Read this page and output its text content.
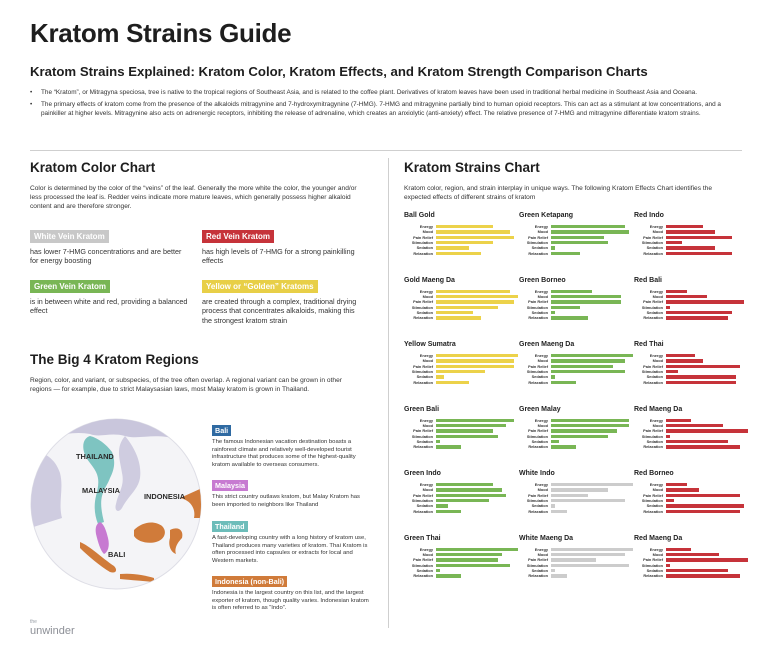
Kratom Strains Guide
Kratom Strains Explained: Kratom Color, Kratom Effects, and Kratom Strength Comparison Charts
• The “Kratom”, or Mitragyna speciosa, tree is native to the tropical regions of Southeast Asia, and is related to the coffee plant. Derivatives of kratom leaves have been used in traditional herbal medicine in Southeast Asia and Oceana.
• The primary effects of kratom come from the presence of the alkaloids mitragynine and 7-hydroxymitragynine (7-HMG). 7-HMG and mitragynine partially bind to human opioid receptors. This can act as a stimulant at low concentrations, and a painkiller at higher levels. Mitragynine also acts on adrenergic receptors, inhibiting the release of adrenaline, which creates an anxiolytic (anti-anxiety) effect. The relative presence of 7-HMG and mitragynine differentiate kratom strains.
Kratom Color Chart
Color is determined by the color of the “veins” of the leaf. Generally the more white the color, the younger and/or less processed the leaf is. Redder veins indicate more mature leaves, which generally possess higher alkaloid content and are therefore stronger.
White Vein Kratom
has lower 7-HMG concentrations and are better for energy boosting
Red Vein Kratom
has high levels of 7-HMG for a strong painkilling effects
Green Vein Kratom
is in between white and red, providing a balanced effect
Yellow or “Golden” Kratoms
are created through a complex, traditional drying process that concentrates alkaloids, making this the strongest kratom strain
The Big 4 Kratom Regions
Region, color, and variant, or subspecies, of the tree often overlap. A regional variant can be grown in other regions — for example, due to strict Malaysasian laws, most Malay kratom is grown in Thailand.
THAILAND
MALAYSIA
INDONESIA
BALI
Bali
The famous Indonesian vacation destination boasts a rainforest climate and relatively well-developed tourist infrastructure that produces some of the highest-quality kratom available to overseas consumers.
Malaysia
This strict country outlaws kratom, but Malay Kratom has been imported to neighbors like Thailand
Thailand
A fast-developing country with a long history of kratom use, Thailand produces many varieties of kratom. Thai Kratom is often processed into capsules or extracts for local and Western markets.
Indonesia (non-Bali)
Indonesia is the largest country on this list, and the largest exporter of kratom, though quality varies. Indonesian kratom is often referred to as “Indo”.
the
unwinder
Kratom Strains Chart
Kratom color, region, and strain interplay in unique ways. The following Kratom Effects Chart identifies the expected effects of different strains of kratom
Ball Gold
Energy
Mood
Pain Relief
Stimulation
Sedation
Relaxation
Green Ketapang
Energy
Mood
Pain Relief
Stimulation
Sedation
Relaxation
Red Indo
Energy
Mood
Pain Relief
Stimulation
Sedation
Relaxation
Gold Maeng Da
Energy
Mood
Pain Relief
Stimulation
Sedation
Relaxation
Green Borneo
Energy
Mood
Pain Relief
Stimulation
Sedation
Relaxation
Red Bali
Energy
Mood
Pain Relief
Stimulation
Sedation
Relaxation
Yellow Sumatra
Energy
Mood
Pain Relief
Stimulation
Sedation
Relaxation
Green Maeng Da
Energy
Mood
Pain Relief
Stimulation
Sedation
Relaxation
Red Thai
Energy
Mood
Pain Relief
Stimulation
Sedation
Relaxation
Green Bali
Energy
Mood
Pain Relief
Stimulation
Sedation
Relaxation
Green Malay
Energy
Mood
Pain Relief
Stimulation
Sedation
Relaxation
Red Maeng Da
Energy
Mood
Pain Relief
Stimulation
Sedation
Relaxation
Green Indo
Energy
Mood
Pain Relief
Stimulation
Sedation
Relaxation
White Indo
Energy
Mood
Pain Relief
Stimulation
Sedation
Relaxation
Red Borneo
Energy
Mood
Pain Relief
Stimulation
Sedation
Relaxation
Green Thai
Energy
Mood
Pain Relief
Stimulation
Sedation
Relaxation
White Maeng Da
Energy
Mood
Pain Relief
Stimulation
Sedation
Relaxation
Red Maeng Da
Energy
Mood
Pain Relief
Stimulation
Sedation
Relaxation
